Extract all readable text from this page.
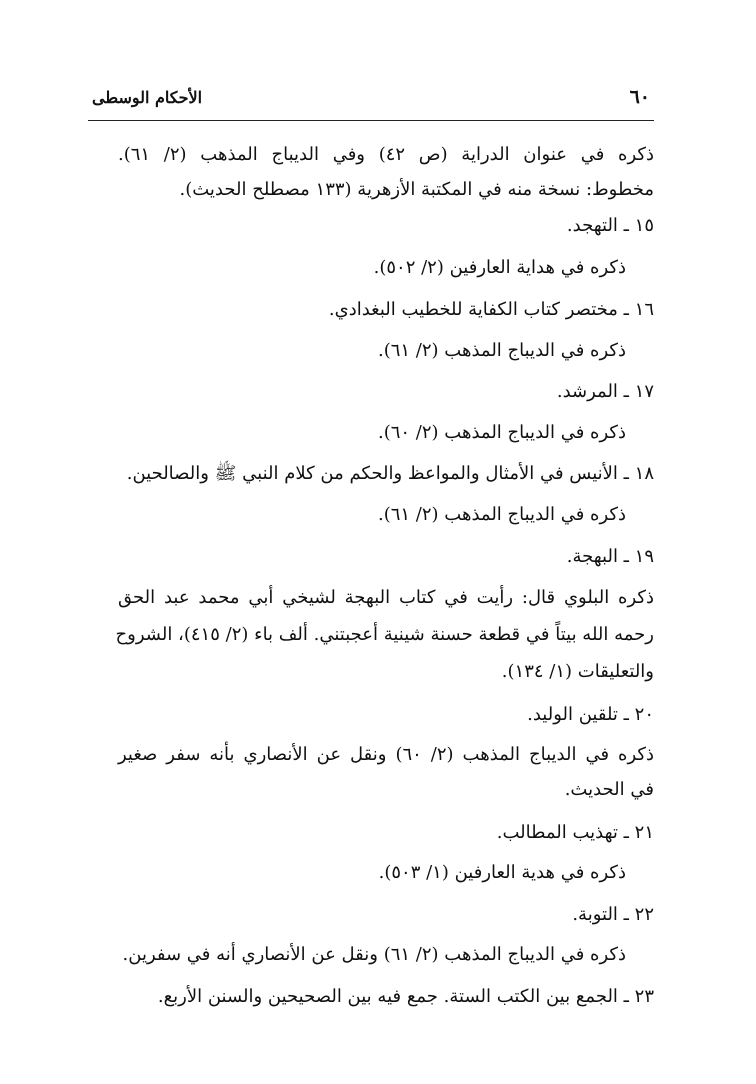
٦٠
الأحكام الوسطى

ذكره في عنوان الدراية (ص ٤٢) وفي الديباج المذهب (٢/ ٦١).

مخطوط: نسخة منه في المكتبة الأزهرية (١٣٣ مصطلح الحديث).

١٥ ـ التهجد.

ذكره في هداية العارفين (٢/ ٥٠٢).

١٦ ـ مختصر كتاب الكفاية للخطيب البغدادي.

ذكره في الديباج المذهب (٢/ ٦١).

١٧ ـ المرشد.

ذكره في الديباج المذهب (٢/ ٦٠).

١٨ ـ الأنيس في الأمثال والمواعظ والحكم من كلام النبي ﷺ والصالحين.

ذكره في الديباج المذهب (٢/ ٦١).

١٩ ـ البهجة.

ذكره البلوي قال: رأيت في كتاب البهجة لشيخي أبي محمد عبد الحق

رحمه الله بيتاً في قطعة حسنة شينية أعجبتني. ألف باء (٢/ ٤١٥)، الشروح

والتعليقات (١/ ١٣٤).

٢٠ ـ تلقين الوليد.

ذكره في الديباج المذهب (٢/ ٦٠) ونقل عن الأنصاري بأنه سفر صغير

في الحديث.

٢١ ـ تهذيب المطالب.

ذكره في هدية العارفين (١/ ٥٠٣).

٢٢ ـ التوبة.

ذكره في الديباج المذهب (٢/ ٦١) ونقل عن الأنصاري أنه في سفرين.

٢٣ ـ الجمع بين الكتب الستة. جمع فيه بين الصحيحين والسنن الأربع.
